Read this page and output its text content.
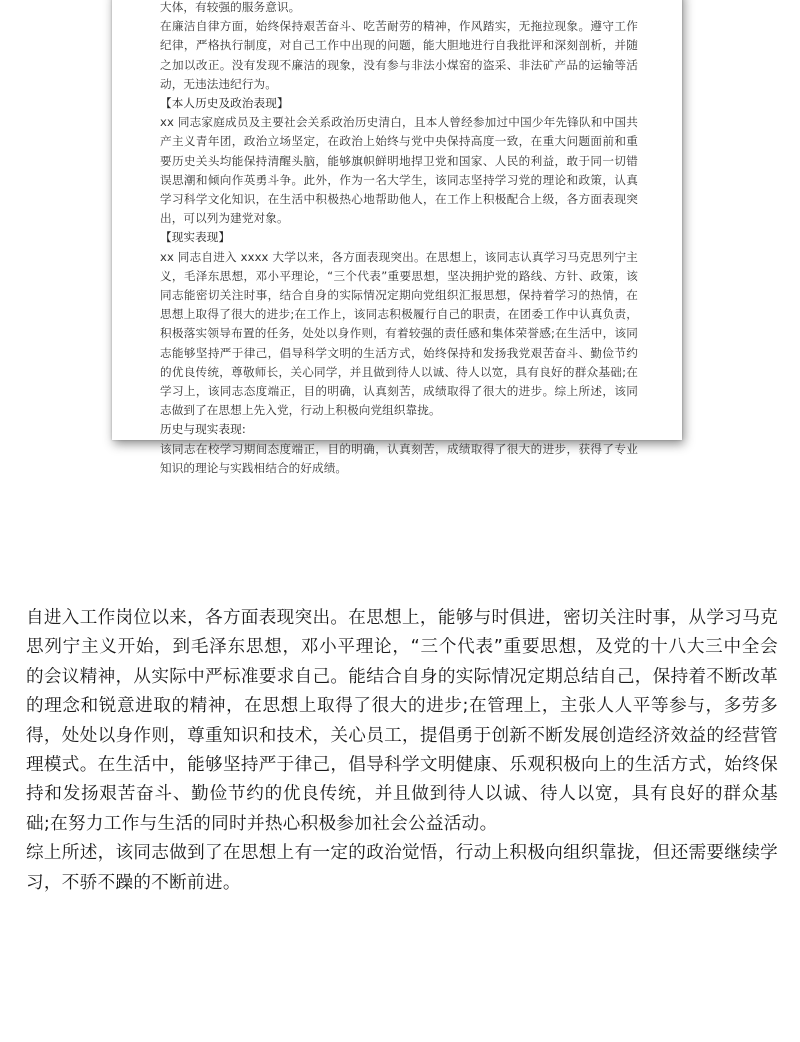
大体，有较强的服务意识。

在廉洁自律方面，始终保持艰苦奋斗、吃苦耐劳的精神，作风踏实，无拖拉现象。遵守工作纪律，严格执行制度，对自己工作中出现的问题，能大胆地进行自我批评和深刻剖析，并随之加以改正。没有发现不廉洁的现象，没有参与非法小煤窑的盗采、非法矿产品的运输等活动，无违法违纪行为。

【本人历史及政治表现】

xx 同志家庭成员及主要社会关系政治历史清白，且本人曾经参加过中国少年先锋队和中国共产主义青年团，政治立场坚定，在政治上始终与党中央保持高度一致，在重大问题面前和重要历史关头均能保持清醒头脑，能够旗帜鲜明地捍卫党和国家、人民的利益，敢于同一切错误思潮和倾向作英勇斗争。此外，作为一名大学生，该同志坚持学习党的理论和政策，认真学习科学文化知识，在生活中积极热心地帮助他人，在工作上积极配合上级，各方面表现突出，可以列为建党对象。

【现实表现】

xx 同志自进入 xxxx 大学以来，各方面表现突出。在思想上，该同志认真学习马克思列宁主义，毛泽东思想，邓小平理论，“三个代表”重要思想，坚决拥护党的路线、方针、政策，该同志能密切关注时事，结合自身的实际情况定期向党组织汇报思想，保持着学习的热情，在思想上取得了很大的进步;在工作上，该同志积极履行自己的职责，在团委工作中认真负责，积极落实领导布置的任务，处处以身作则，有着较强的责任感和集体荣誉感;在生活中，该同志能够坚持严于律己，倡导科学文明的生活方式，始终保持和发扬我党艰苦奋斗、勤俭节约的优良传统，尊敬师长，关心同学，并且做到待人以诚、待人以宽，具有良好的群众基础;在学习上，该同志态度端正，目的明确，认真刻苦，成绩取得了很大的进步。综上所述，该同志做到了在思想上先入党，行动上积极向党组织靠拢。

历史与现实表现:

该同志在校学习期间态度端正，目的明确，认真刻苦，成绩取得了很大的进步，获得了专业知识的理论与实践相结合的好成绩。

自进入工作岗位以来，各方面表现突出。在思想上，能够与时俱进，密切关注时事，从学习马克思列宁主义开始，到毛泽东思想，邓小平理论，“三个代表”重要思想，及党的十八大三中全会的会议精神，从实际中严标准要求自己。能结合自身的实际情况定期总结自己，保持着不断改革的理念和锐意进取的精神，在思想上取得了很大的进步;在管理上，主张人人平等参与，多劳多得，处处以身作则，尊重知识和技术，关心员工，提倡勇于创新不断发展创造经济效益的经营管理模式。在生活中，能够坚持严于律己，倡导科学文明健康、乐观积极向上的生活方式，始终保持和发扬艰苦奋斗、勤俭节约的优良传统，并且做到待人以诚、待人以宽，具有良好的群众基础;在努力工作与生活的同时并热心积极参加社会公益活动。

综上所述，该同志做到了在思想上有一定的政治觉悟，行动上积极向组织靠拢，但还需要继续学习，不骄不躁的不断前进。
